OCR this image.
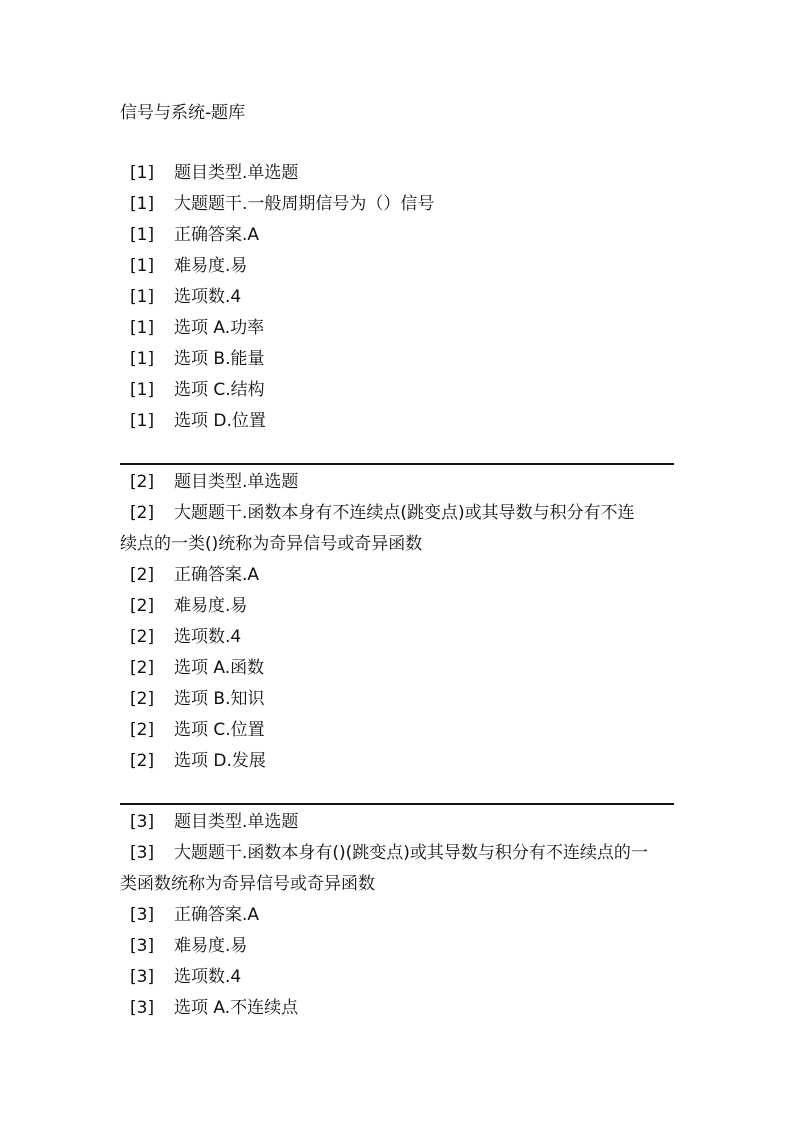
信号与系统-题库
[1] 题目类型.单选题
[1] 大题题干.一般周期信号为（）信号
[1] 正确答案.A
[1] 难易度.易
[1] 选项数.4
[1] 选项 A.功率
[1] 选项 B.能量
[1] 选项 C.结构
[1] 选项 D.位置
[2] 题目类型.单选题
[2] 大题题干.函数本身有不连续点(跳变点)或其导数与积分有不连
续点的一类()统称为奇异信号或奇异函数
[2] 正确答案.A
[2] 难易度.易
[2] 选项数.4
[2] 选项 A.函数
[2] 选项 B.知识
[2] 选项 C.位置
[2] 选项 D.发展
[3] 题目类型.单选题
[3] 大题题干.函数本身有()(跳变点)或其导数与积分有不连续点的一
类函数统称为奇异信号或奇异函数
[3] 正确答案.A
[3] 难易度.易
[3] 选项数.4
[3] 选项 A.不连续点
